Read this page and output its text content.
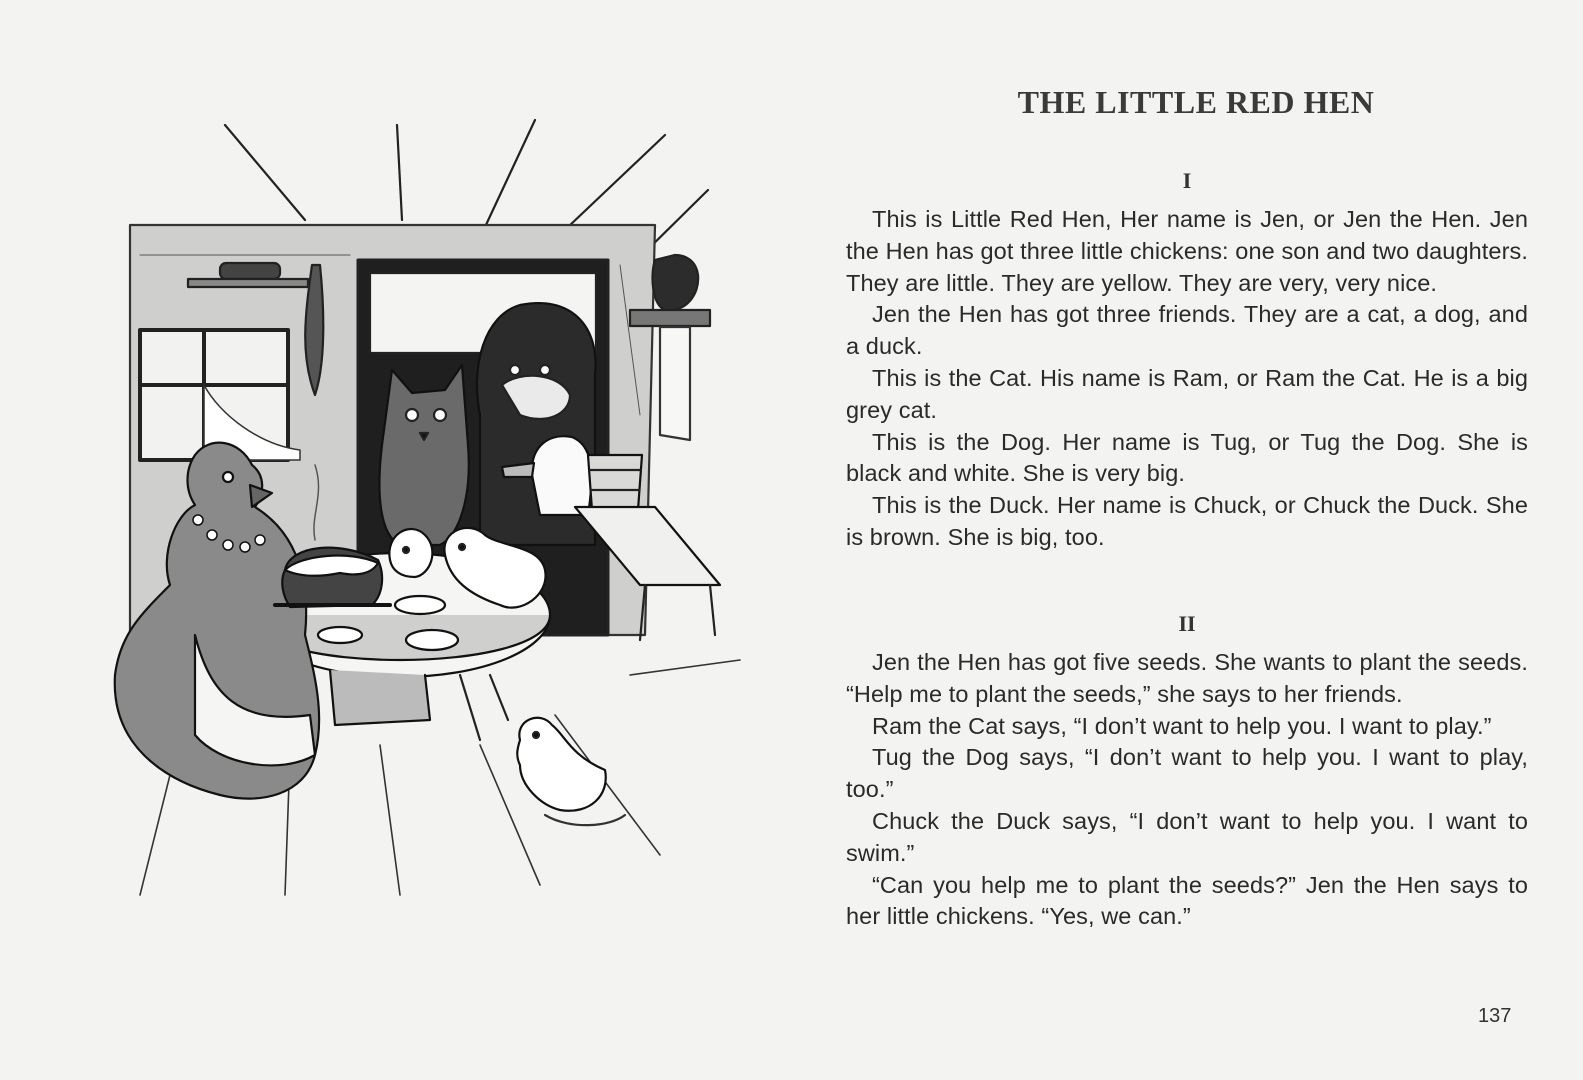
THE LITTLE RED HEN
I

This is Little Red Hen, Her name is Jen, or Jen the Hen. Jen the Hen has got three little chickens: one son and two daughters. They are little. They are yellow. They are very, very nice.

Jen the Hen has got three friends. They are a cat, a dog, and a duck.

This is the Cat. His name is Ram, or Ram the Cat. He is a big grey cat.

This is the Dog. Her name is Tug, or Tug the Dog. She is black and white. She is very big.

This is the Duck. Her name is Chuck, or Chuck the Duck. She is brown. She is big, too.

II

Jen the Hen has got five seeds. She wants to plant the seeds. “Help me to plant the seeds,” she says to her friends.

Ram the Cat says, “I don’t want to help you. I want to play.”

Tug the Dog says, “I don’t want to help you. I want to play, too.”

Chuck the Duck says, “I don’t want to help you. I want to swim.”

“Can you help me to plant the seeds?” Jen the Hen says to her little chickens. “Yes, we can.”

137
